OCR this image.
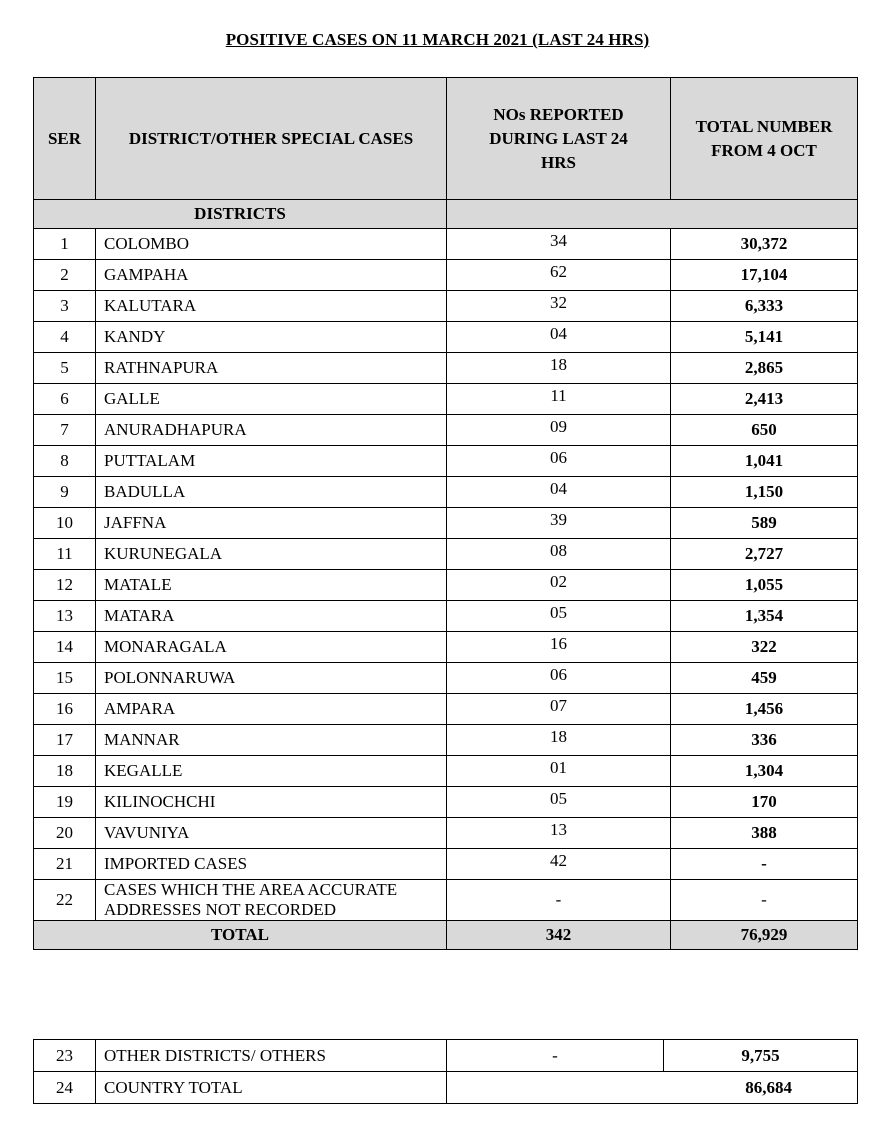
POSITIVE CASES ON 11 MARCH 2021 (LAST 24 HRS)
SER	DISTRICT/OTHER SPECIAL CASES	NOs REPORTED DURING LAST 24 HRS	TOTAL NUMBER FROM 4 OCT
DISTRICTS			
1	COLOMBO	34	30,372
2	GAMPAHA	62	17,104
3	KALUTARA	32	6,333
4	KANDY	04	5,141
5	RATHNAPURA	18	2,865
6	GALLE	11	2,413
7	ANURADHAPURA	09	650
8	PUTTALAM	06	1,041
9	BADULLA	04	1,150
10	JAFFNA	39	589
11	KURUNEGALA	08	2,727
12	MATALE	02	1,055
13	MATARA	05	1,354
14	MONARAGALA	16	322
15	POLONNARUWA	06	459
16	AMPARA	07	1,456
17	MANNAR	18	336
18	KEGALLE	01	1,304
19	KILINOCHCHI	05	170
20	VAVUNIYA	13	388
21	IMPORTED CASES	42	-
22	CASES WHICH THE AREA ACCURATE ADDRESSES NOT RECORDED	-	-
TOTAL		342	76,929
23	OTHER DISTRICTS/ OTHERS	-	9,755
24	COUNTRY TOTAL	86,684	
